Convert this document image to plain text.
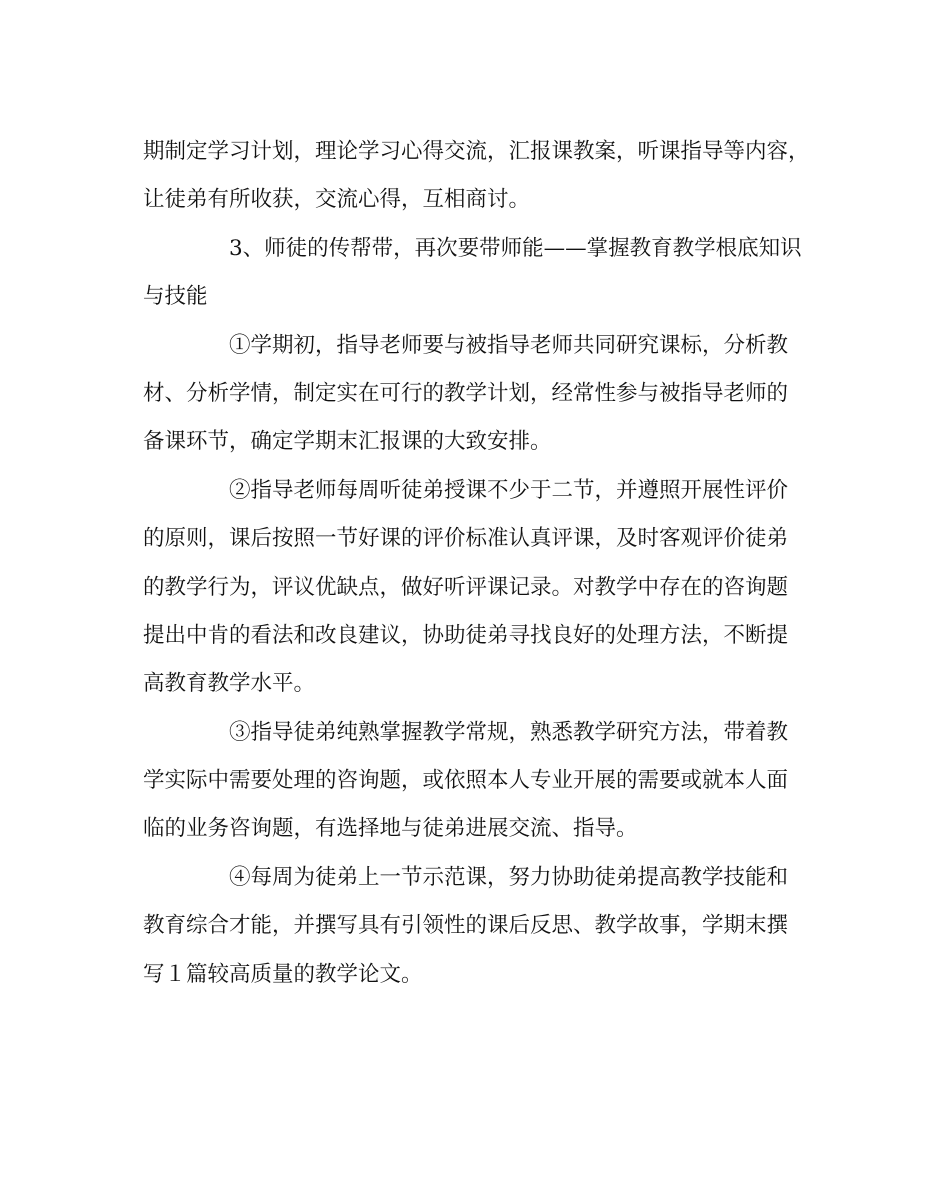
期制定学习计划，理论学习心得交流，汇报课教案，听课指导等内容，
让徒弟有所收获，交流心得，互相商讨。
3、师徒的传帮带，再次要带师能——掌握教育教学根底知识
与技能
①学期初，指导老师要与被指导老师共同研究课标，分析教
材、分析学情，制定实在可行的教学计划，经常性参与被指导老师的
备课环节，确定学期末汇报课的大致安排。
②指导老师每周听徒弟授课不少于二节，并遵照开展性评价
的原则，课后按照一节好课的评价标准认真评课，及时客观评价徒弟
的教学行为，评议优缺点，做好听评课记录。对教学中存在的咨询题
提出中肯的看法和改良建议，协助徒弟寻找良好的处理方法，不断提
高教育教学水平。
③指导徒弟纯熟掌握教学常规，熟悉教学研究方法，带着教
学实际中需要处理的咨询题，或依照本人专业开展的需要或就本人面
临的业务咨询题，有选择地与徒弟进展交流、指导。
④每周为徒弟上一节示范课，努力协助徒弟提高教学技能和
教育综合才能，并撰写具有引领性的课后反思、教学故事，学期末撰
写１篇较高质量的教学论文。
